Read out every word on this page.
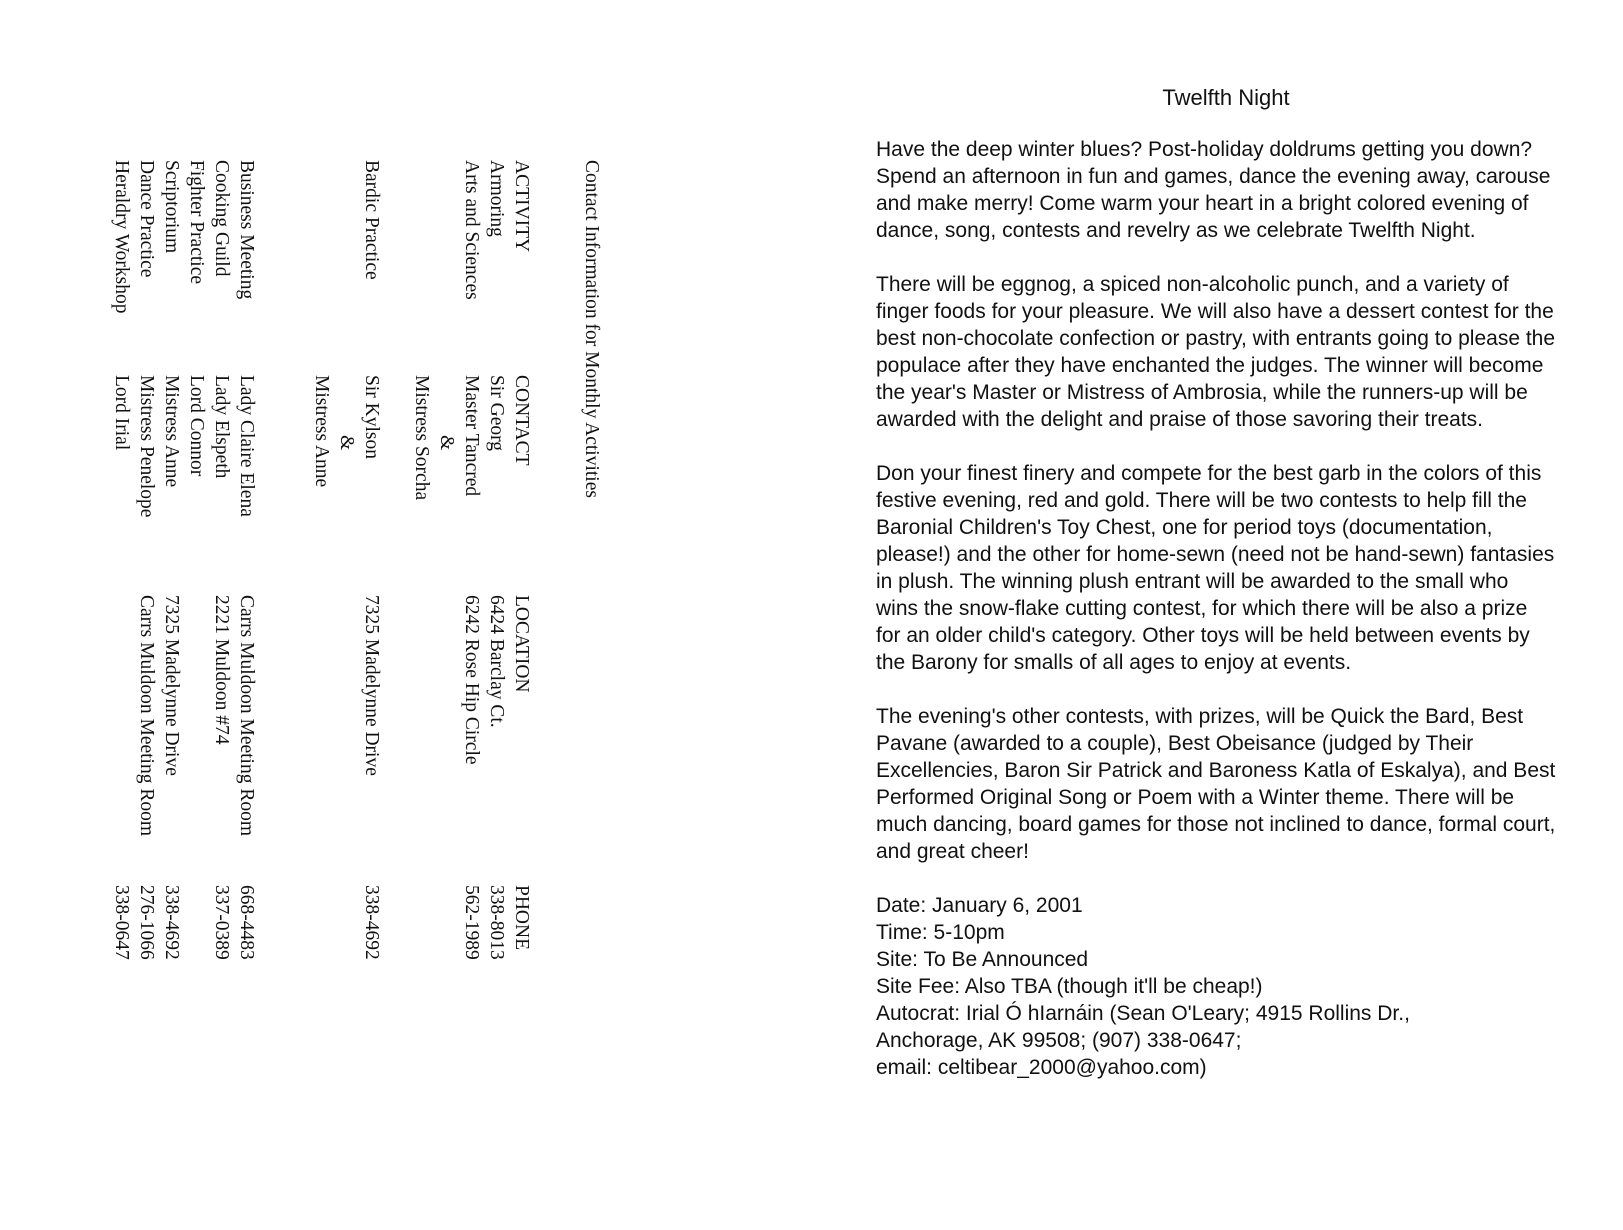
Contact Information for Monthly Activities
ACTIVITY
CONTACT
LOCATION
PHONE
Armoring
Arts and Sciences
Bardic Practice
Business Meeting
Cooking Guild
Fighter Practice
Scriptorium
Dance Practice
Heraldry Workshop
Sir Georg
Master Tancred
&
Mistress Sorcha
Sir Kylson
&
Mistress Anne
Lady Claire Elena
Lady Elspeth
Lord Connor
Mistress Anne
Mistress Penelope
Lord Irial
6424 Barclay Ct.
6242 Rose Hip Circle
7325 Madelynne Drive
Carrs Muldoon Meeting Room
2221 Muldoon #74
7325 Madelynne Drive
Carrs Muldoon Meeting Room
338-8013
562-1989
338-4692
668-4483
337-0389
338-4692
276-1066
338-0647
Twelfth Night

Have the deep winter blues? Post-holiday doldrums getting you down? Spend an afternoon in fun and games, dance the evening away, carouse and make merry! Come warm your heart in a bright colored evening of dance, song, contests and revelry as we celebrate Twelfth Night.

There will be eggnog, a spiced non-alcoholic punch, and a variety of finger foods for your pleasure. We will also have a dessert contest for the best non-chocolate confection or pastry, with entrants going to please the populace after they have enchanted the judges. The winner will become the year's Master or Mistress of Ambrosia, while the runners-up will be awarded with the delight and praise of those savoring their treats.

Don your finest finery and compete for the best garb in the colors of this festive evening, red and gold. There will be two contests to help fill the Baronial Children's Toy Chest, one for period toys (documentation, please!) and the other for home-sewn (need not be hand-sewn) fantasies in plush. The winning plush entrant will be awarded to the small who wins the snow-flake cutting contest, for which there will be also a prize for an older child's category. Other toys will be held between events by the Barony for smalls of all ages to enjoy at events.

The evening's other contests, with prizes, will be Quick the Bard, Best Pavane (awarded to a couple), Best Obeisance (judged by Their Excellencies, Baron Sir Patrick and Baroness Katla of Eskalya), and Best Performed Original Song or Poem with a Winter theme. There will be much dancing, board games for those not inclined to dance, formal court, and great cheer!

Date: January 6, 2001

Time: 5-10pm

Site: To Be Announced

Site Fee: Also TBA (though it'll be cheap!)

Autocrat: Irial Ó hIarnáin (Sean O'Leary; 4915 Rollins Dr.,

Anchorage, AK 99508; (907) 338-0647;

email: celtibear_2000@yahoo.com)
